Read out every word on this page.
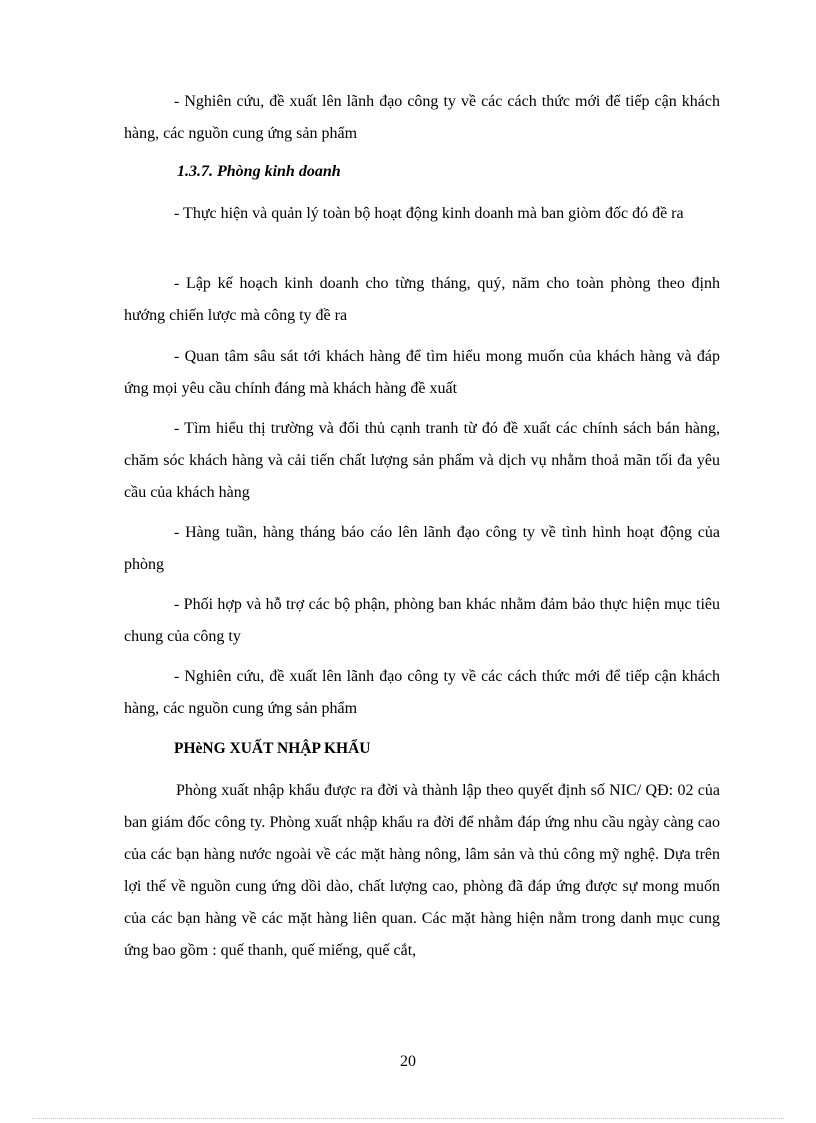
- Nghiên cứu, đề xuất lên lãnh đạo công ty về các cách thức mới để tiếp cận khách hàng, các nguồn cung ứng sản phẩm

1.3.7. Phòng kinh doanh

- Thực hiện và quản lý toàn bộ hoạt động kinh doanh mà ban giòm đốc đó đề ra

- Lập kế hoạch kinh doanh cho từng tháng, quý, năm cho toàn phòng theo định hướng chiến lược mà công ty đề ra

- Quan tâm sâu sát tới khách hàng để tìm hiểu mong muốn của khách hàng và đáp ứng mọi yêu cầu chính đáng mà khách hàng đề xuất

- Tìm hiểu thị trường và đối thủ cạnh tranh từ đó đề xuất các chính sách bán hàng, chăm sóc khách hàng và cải tiến chất lượng sản phẩm và dịch vụ nhằm thoả mãn tối đa yêu cầu của khách hàng

- Hàng tuần, hàng tháng báo cáo lên lãnh đạo công ty về tình hình hoạt động của phòng

- Phối hợp và hỗ trợ các bộ phận, phòng ban khác nhằm đảm bảo thực hiện mục tiêu chung của công ty

- Nghiên cứu, đề xuất lên lãnh đạo công ty về các cách thức mới để tiếp cận khách hàng, các nguồn cung ứng sản phẩm

PHèNG XUẤT NHẬP KHẨU

Phòng xuất nhập khẩu được ra đời và thành lập theo quyết định số NIC/ QĐ: 02 của ban giám đốc công ty. Phòng xuất nhập khẩu ra đời để nhằm đáp ứng nhu cầu ngày càng cao của các bạn hàng nước ngoài về các mặt hàng nông, lâm sản và thủ công mỹ nghệ. Dựa trên lợi thế về nguồn cung ứng dồi dào, chất lượng cao, phòng đã đáp ứng được sự mong muốn của các bạn hàng về các mặt hàng liên quan. Các mặt hàng hiện nằm trong danh mục cung ứng bao gồm : quế thanh, quế miếng, quế cắt,

20
